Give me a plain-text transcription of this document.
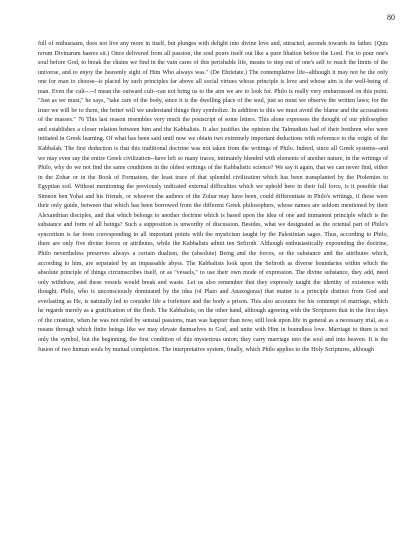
80

full of enthusiasm, does not live any more in itself, but plunges with delight into divine love and, attracted, ascends towards its father. (Quis rerum Divinarum haeres sit.) Once delivered from all passion, the soul pours itself out like a pure libation before the Lord. For to pour one's soul before God, to break the chains we find in the vain cares of this perishable life, means to step out of one's self to reach the limits of the universe, and to enjoy the heavenly sight of Him Who always was." (De Ebrietate.) The contemplative life--although it may not be the only one for man to choose--is placed by such principles far above all social virtues whose principle is love and whose aim is the well-being of man. Even the cult--.--I mean the outward cult--can not bring us to the aim we are to look for. Philo is really very embarrassed on this point. "Just as we must," he says, "take care of the body, since it is the dwelling place of the soul, just so must we observe the written laws; for the truer we will be to them, the better will we understand things they symbolize. In addition to this we must avoid the blame and the accusations of the masses." 76 This last reason resembles very much the postscript of some letters. This alone expresses the thought of our philosopher and establishes a closer relation between him and the Kabbalists. It also justifies the opinion the Talmudists had of their brethren who were initiated in Greek learning. Of what has been said until now we obtain two extremely important deductions with reference to the origin of the Kabbalah. The first deduction is that this traditional doctrine was not taken from the writings of Philo. Indeed, since all Greek systems--and we may even say the entire Greek civilization--have left so many traces, intimately blended with elements of another nature, in the writings of Philo, why do we not find the same conditions in the oldest writings of the Kabbalistic science? We say it again, that we can never find, either in the Zohar or in the Book of Formation, the least trace of that splendid civilization which has been transplanted by the Ptolemies to Egyptian soil. Without mentioning the previously indicated external difficulties which we uphold here in their full force, is it possible that Simeon ben Yohai and his friends, or whoever the authors of the Zohar may have been, could differentiate in Philo's writings, if these were their only guide, between that which has been borrowed from the different Greek philosophers, whose names are seldom mentioned by their Alexandrian disciples, and that which belongs to another doctrine which is based upon the idea of one and immanent principle which is the substance and form of all beings? Such a supposition is unworthy of discussion. Besides, what we designated as the oriental part of Philo's syncretism is far from corresponding in all important points with the mysticism taught by the Palestinian sages. Thus, according to Philo, there are only five divine forces or attributes, while the Kabbalists admit ten Sefiroth. Although enthusiastically expounding the doctrine, Philo nevertheless preserves always a certain dualism, the (absolute) Being and the forces, or the substance and the attributes which, according to him, are separated by an impassable abyss. The Kabbalists look upon the Sefiroth as diverse boundaries within which the absolute principle of things circumscribes itself, or as "vessels," to use their own mode of expression. The divine substance, they add, need only withdraw, and these vessels would break and waste. Let us also remember that they expressly taught the identity of existence with thought. Philo, who is unconsciously dominated by the idea (of Plato and Anaxogoras) that matter is a principle distinct from God and everlasting as He, is naturally led to consider life a forfeiture and the body a prison. This also accounts for his contempt of marriage, which he regards merely as a gratification of the flesh. The Kabbalists, on the other hand, although agreeing with the Scriptures that in the first days of the creation, when he was not ruled by sensual passions, man was happier than now, still look upon life in general as a necessary trial, as a means through which finite beings like we may elevate themselves to God, and unite with Him in boundless love. Marriage to them is not only the symbol, but the beginning, the first condition of this mysterious union; they carry marriage into the soul and into heaven. It is the fusion of two human souls by mutual completion. The interpretative system, finally, which Philo applies to the Holy Scriptures, although
